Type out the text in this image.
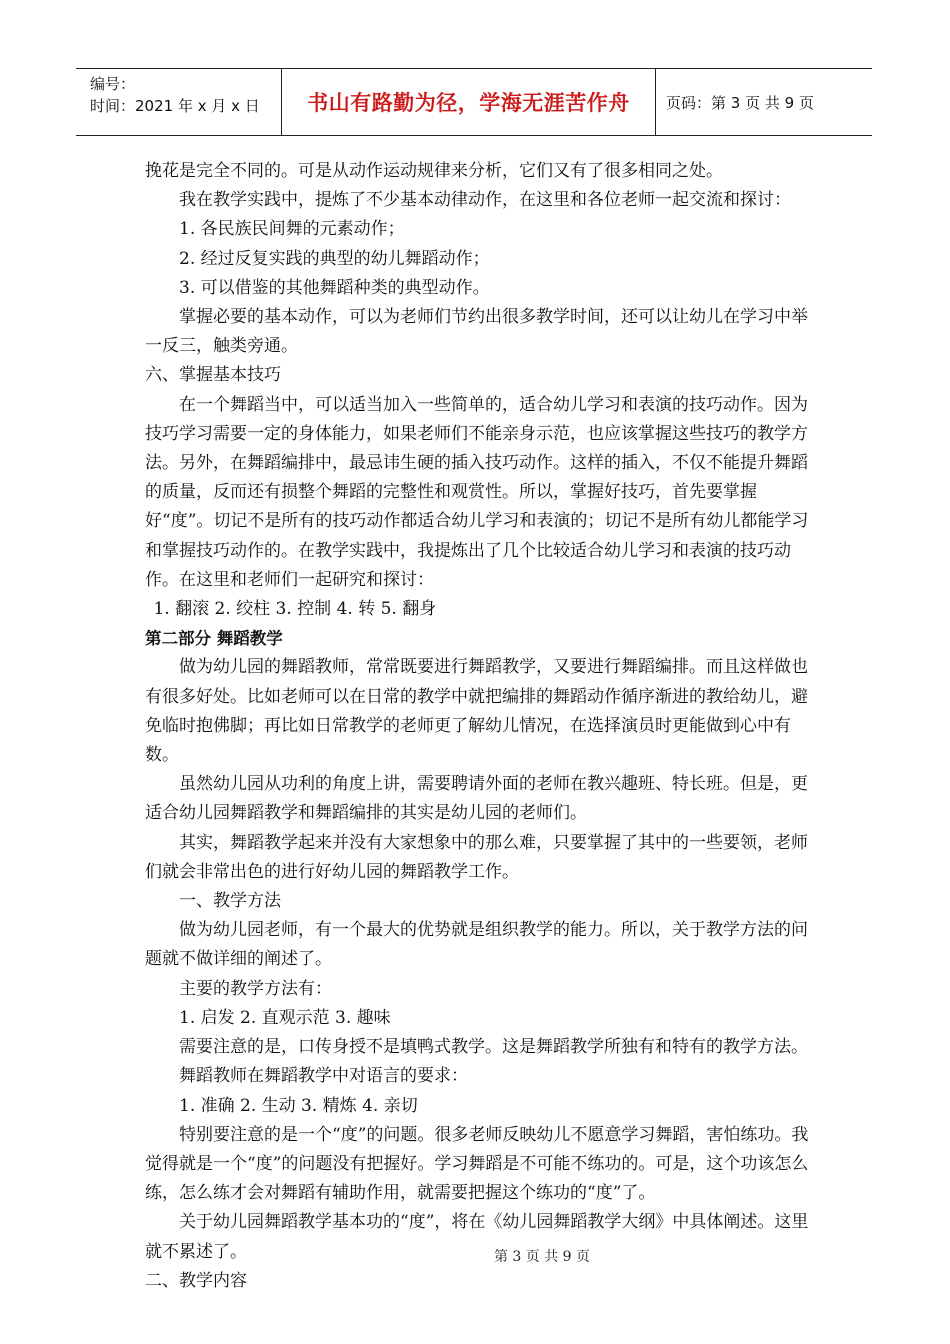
编号：
时间：2021 年 x 月 x 日	书山有路勤为径，学海无涯苦作舟	页码：第 3 页 共 9 页

挽花是完全不同的。可是从动作运动规律来分析，它们又有了很多相同之处。

我在教学实践中，提炼了不少基本动律动作，在这里和各位老师一起交流和探讨：

1. 各民族民间舞的元素动作；

2. 经过反复实践的典型的幼儿舞蹈动作；

3. 可以借鉴的其他舞蹈种类的典型动作。

掌握必要的基本动作，可以为老师们节约出很多教学时间，还可以让幼儿在学习中举一反三，触类旁通。

六、掌握基本技巧

在一个舞蹈当中，可以适当加入一些简单的，适合幼儿学习和表演的技巧动作。因为技巧学习需要一定的身体能力，如果老师们不能亲身示范，也应该掌握这些技巧的教学方法。另外，在舞蹈编排中，最忌讳生硬的插入技巧动作。这样的插入，不仅不能提升舞蹈的质量，反而还有损整个舞蹈的完整性和观赏性。所以，掌握好技巧，首先要掌握好“度”。切记不是所有的技巧动作都适合幼儿学习和表演的；切记不是所有幼儿都能学习和掌握技巧动作的。在教学实践中，我提炼出了几个比较适合幼儿学习和表演的技巧动作。在这里和老师们一起研究和探讨：

1. 翻滚 2. 绞柱 3. 控制 4. 转 5. 翻身

第二部分 舞蹈教学

做为幼儿园的舞蹈教师，常常既要进行舞蹈教学，又要进行舞蹈编排。而且这样做也有很多好处。比如老师可以在日常的教学中就把编排的舞蹈动作循序渐进的教给幼儿，避免临时抱佛脚；再比如日常教学的老师更了解幼儿情况，在选择演员时更能做到心中有数。

虽然幼儿园从功利的角度上讲，需要聘请外面的老师在教兴趣班、特长班。但是，更适合幼儿园舞蹈教学和舞蹈编排的其实是幼儿园的老师们。

其实，舞蹈教学起来并没有大家想象中的那么难，只要掌握了其中的一些要领，老师们就会非常出色的进行好幼儿园的舞蹈教学工作。

一、教学方法

做为幼儿园老师，有一个最大的优势就是组织教学的能力。所以，关于教学方法的问题就不做详细的阐述了。

主要的教学方法有：

1. 启发 2. 直观示范 3. 趣味

需要注意的是，口传身授不是填鸭式教学。这是舞蹈教学所独有和特有的教学方法。

舞蹈教师在舞蹈教学中对语言的要求：

1. 准确 2. 生动 3. 精炼 4. 亲切

特别要注意的是一个“度”的问题。很多老师反映幼儿不愿意学习舞蹈，害怕练功。我觉得就是一个“度”的问题没有把握好。学习舞蹈是不可能不练功的。可是，这个功该怎么练，怎么练才会对舞蹈有辅助作用，就需要把握这个练功的“度”了。

关于幼儿园舞蹈教学基本功的“度”，将在《幼儿园舞蹈教学大纲》中具体阐述。这里就不累述了。

二、教学内容

第 3 页 共 9 页
